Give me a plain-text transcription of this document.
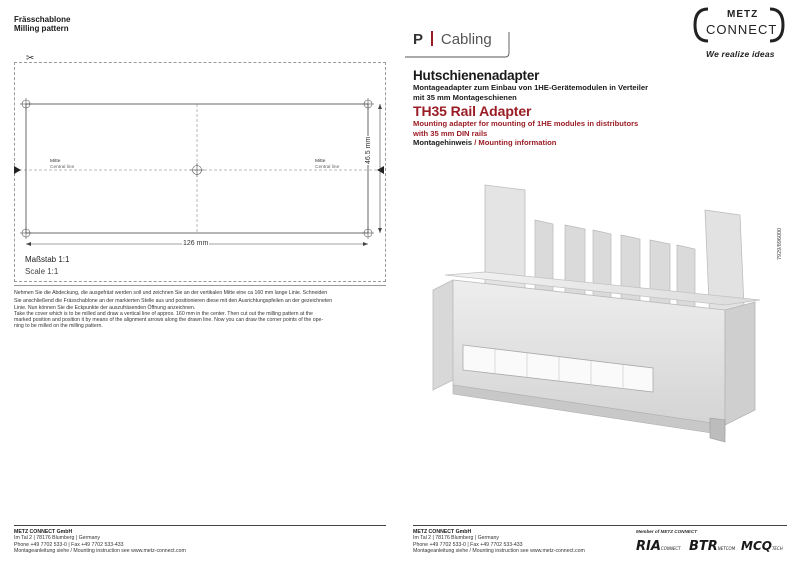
Frässchablone
Milling pattern
✂
Mitte
Central line
Mitte
Central line
126 mm
46.5 mm
Maßstab 1:1
Scale 1:1
Nehmen Sie die Abdeckung, die ausgefräst werden soll und zeichnen Sie an der vertikalen Mitte eine ca 160 mm lange Linie. Schneiden
Sie anschließend die Frässchablone an der markierten Stelle aus und positionieren diese mit den Ausrichtungspfeilen an der gezeichneten
Linie. Nun können Sie die Eckpunkte der auszufräsenden Öffnung anzeichnen.
Take the cover which is to be milled and draw a vertical line of approx. 160 mm in the center. Then cut out the milling pattern at the
marked position and position it by means of the alignment arrows along the drawn line. Now you can draw the corner points of the ope-
ning to be milled on the milling pattern.
METZ CONNECT GmbH
Im Tal 2 | 78176 Blumberg | Germany
Phone +49 7702 533-0 | Fax +49 7702 533-433
Montageanleitung siehe / Mounting instruction see www.metz-connect.com
P Cabling
METZ
CONNECT
We realize ideas
Hutschienenadapter
Montageadapter zum Einbau von 1HE-Gerätemodulen in Verteiler
mit 35 mm Montageschienen
TH35 Rail Adapter
Mounting adapter for mounting of 1HE modules in distributors
with 35 mm DIN rails
Montagehinweis / Mounting information
7929/896000
METZ CONNECT GmbH
Im Tal 2 | 78176 Blumberg | Germany
Phone +49 7702 533-0 | Fax +49 7702 533-433
Montageanleitung siehe / Mounting instruction see www.metz-connect.com
Member of METZ CONNECT
RIACONNECT BTRNETCOM MCQTECH
